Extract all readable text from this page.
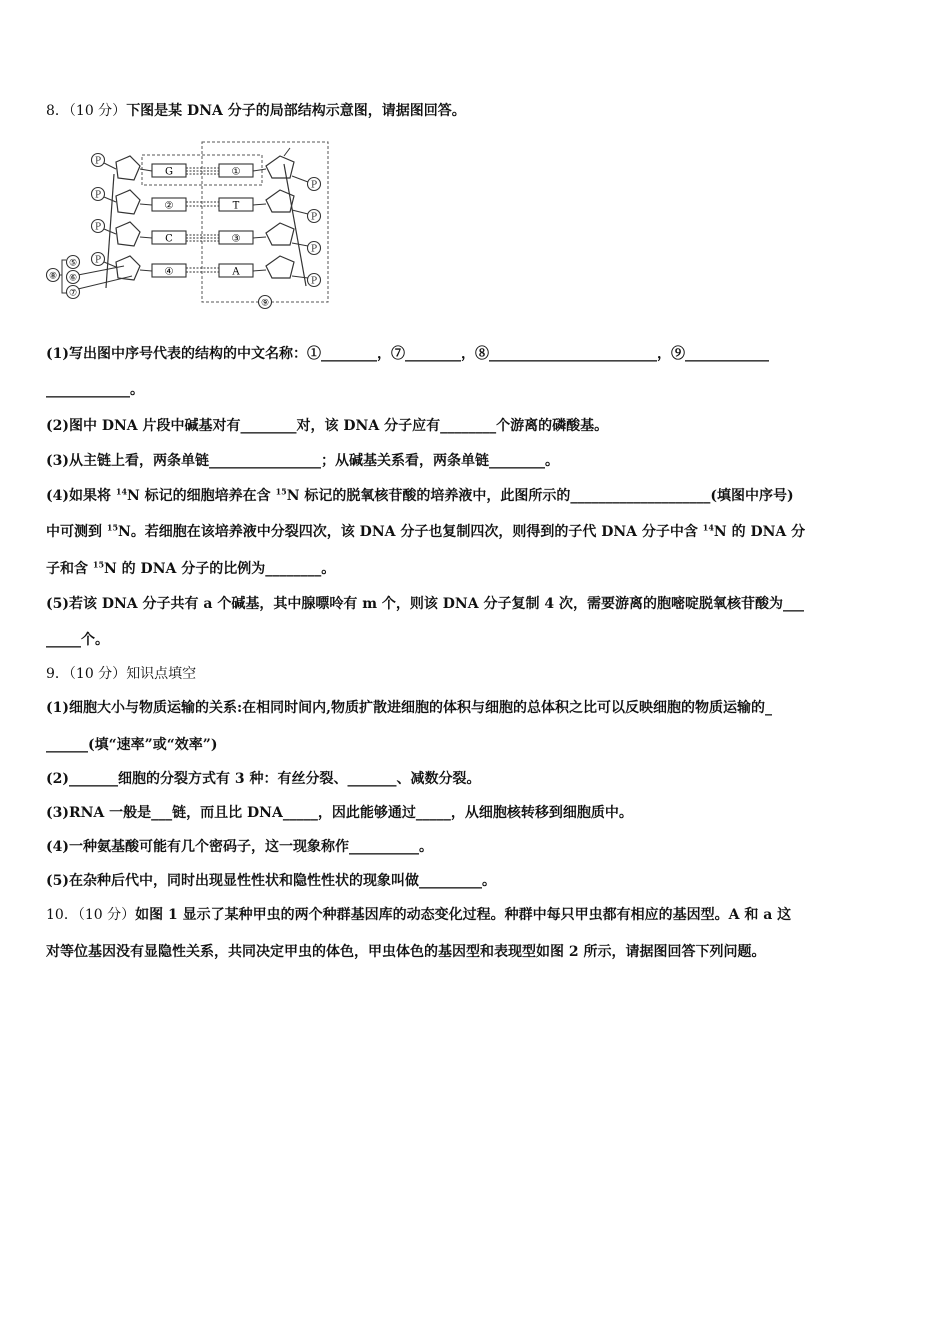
8．（10 分）下图是某 DNA 分子的局部结构示意图，请据图回答。
P
P
P
P
G
②
C
④
①
T
③
A
P
P
P
P
⑧
⑤
⑥
⑦
⑨
(1)写出图中序号代表的结构的中文名称：①________，⑦________，⑧________________________，⑨____________
____________。
(2)图中 DNA 片段中碱基对有________对，该 DNA 分子应有________个游离的磷酸基。
(3)从主链上看，两条单链________________；从碱基关系看，两条单链________。
(4)如果将 $^{14}$N 标记的细胞培养在含 $^{15}$N 标记的脱氧核苷酸的培养液中，此图所示的____________________(填图中序号)
中可测到 $^{15}$N。若细胞在该培养液中分裂四次，该 DNA 分子也复制四次，则得到的子代 DNA 分子中含 $^{14}$N 的 DNA 分
子和含 $^{15}$N 的 DNA 分子的比例为________。
(5)若该 DNA 分子共有 a 个碱基，其中腺嘌呤有 m 个，则该 DNA 分子复制 4 次，需要游离的胞嘧啶脱氧核苷酸为___
_____个。
9．（10 分）知识点填空
(1)细胞大小与物质运输的关系:在相同时间内,物质扩散进细胞的体积与细胞的总体积之比可以反映细胞的物质运输的_
______(填“速率”或“效率”)
(2)_______细胞的分裂方式有 3 种：有丝分裂、_______、减数分裂。
(3)RNA 一般是___链，而且比 DNA_____，因此能够通过_____，从细胞核转移到细胞质中。
(4)一种氨基酸可能有几个密码子，这一现象称作__________。
(5)在杂种后代中，同时出现显性性状和隐性性状的现象叫做_________。
10．（10 分）如图 1 显示了某种甲虫的两个种群基因库的动态变化过程。种群中每只甲虫都有相应的基因型。A 和 a 这
对等位基因没有显隐性关系，共同决定甲虫的体色，甲虫体色的基因型和表现型如图 2 所示，请据图回答下列问题。
